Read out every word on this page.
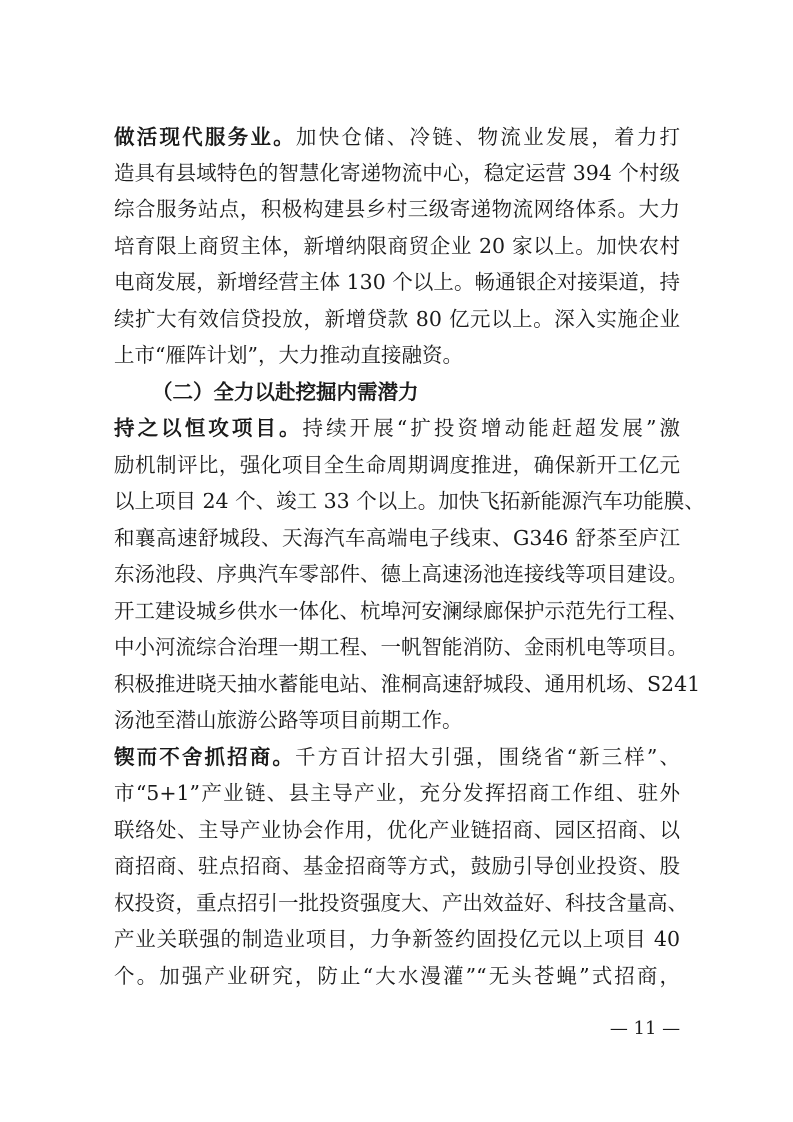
做活现代服务业。加快仓储、冷链、物流业发展，着力打
造具有县域特色的智慧化寄递物流中心，稳定运营 394 个村级
综合服务站点，积极构建县乡村三级寄递物流网络体系。大力
培育限上商贸主体，新增纳限商贸企业 20 家以上。加快农村
电商发展，新增经营主体 130 个以上。畅通银企对接渠道，持
续扩大有效信贷投放，新增贷款 80 亿元以上。深入实施企业
上市“雁阵计划”，大力推动直接融资。
（二）全力以赴挖掘内需潜力
持之以恒攻项目。持续开展“扩投资增动能赶超发展”激
励机制评比，强化项目全生命周期调度推进，确保新开工亿元
以上项目 24 个、竣工 33 个以上。加快飞拓新能源汽车功能膜、
和襄高速舒城段、天海汽车高端电子线束、G346 舒茶至庐江
东汤池段、序典汽车零部件、德上高速汤池连接线等项目建设。
开工建设城乡供水一体化、杭埠河安澜绿廊保护示范先行工程、
中小河流综合治理一期工程、一帆智能消防、金雨机电等项目。
积极推进晓天抽水蓄能电站、淮桐高速舒城段、通用机场、S241
汤池至潜山旅游公路等项目前期工作。
锲而不舍抓招商。千方百计招大引强，围绕省“新三样”、
市“5+1”产业链、县主导产业，充分发挥招商工作组、驻外
联络处、主导产业协会作用，优化产业链招商、园区招商、以
商招商、驻点招商、基金招商等方式，鼓励引导创业投资、股
权投资，重点招引一批投资强度大、产出效益好、科技含量高、
产业关联强的制造业项目，力争新签约固投亿元以上项目 40
个。加强产业研究，防止“大水漫灌”“无头苍蝇”式招商，
— 11 —
